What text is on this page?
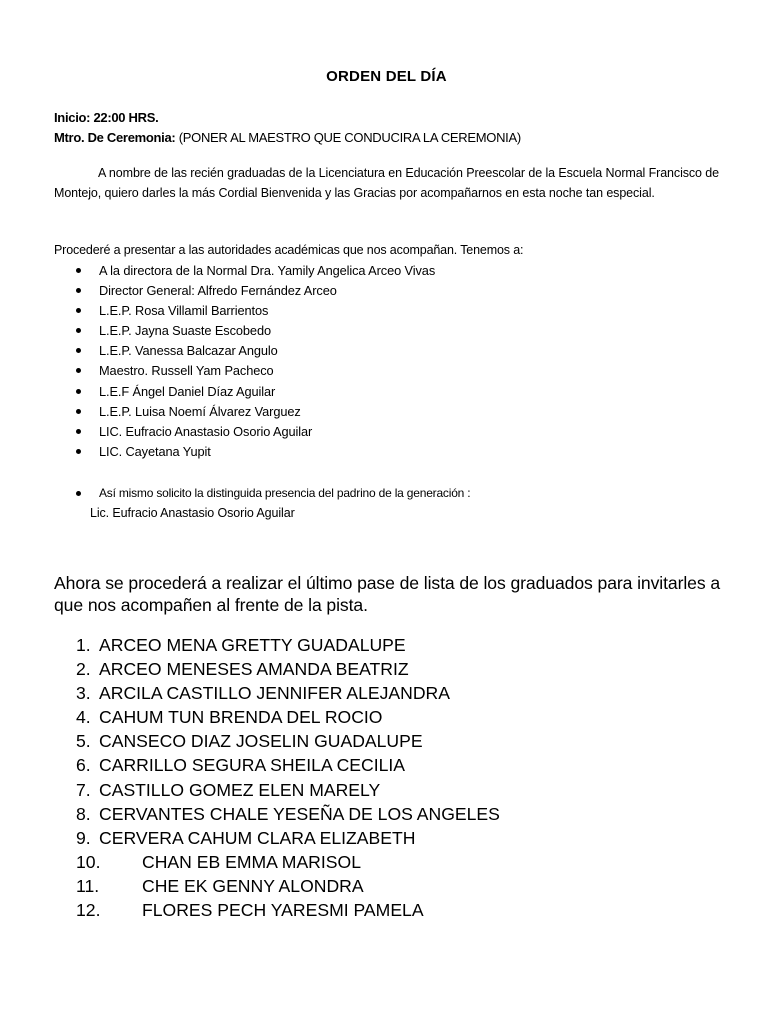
ORDEN DEL DÍA
Inicio: 22:00 HRS.
Mtro. De Ceremonia: (PONER AL MAESTRO QUE CONDUCIRA LA CEREMONIA)
A nombre de las recién graduadas de la Licenciatura en Educación Preescolar de la Escuela Normal Francisco de Montejo, quiero darles la más Cordial Bienvenida y las Gracias por acompañarnos en esta noche tan especial.
Procederé a presentar a las autoridades académicas que nos acompañan. Tenemos a:
A la directora de la Normal Dra. Yamily Angelica Arceo Vivas
Director General: Alfredo Fernández Arceo
L.E.P. Rosa Villamil Barrientos
L.E.P. Jayna Suaste Escobedo
L.E.P. Vanessa Balcazar Angulo
Maestro. Russell Yam Pacheco
L.E.F Ángel Daniel Díaz Aguilar
L.E.P. Luisa Noemí Álvarez Varguez
LIC. Eufracio Anastasio Osorio Aguilar
LIC. Cayetana Yupit
Así mismo solicito la distinguida presencia del padrino de la generación :
Lic. Eufracio Anastasio Osorio Aguilar
Ahora se procederá a realizar el último pase de lista de los graduados para invitarles a que nos acompañen al frente de la pista.
1. ARCEO MENA GRETTY GUADALUPE
2. ARCEO MENESES AMANDA BEATRIZ
3. ARCILA CASTILLO JENNIFER ALEJANDRA
4. CAHUM TUN BRENDA DEL ROCIO
5. CANSECO DIAZ JOSELIN GUADALUPE
6. CARRILLO SEGURA SHEILA CECILIA
7. CASTILLO GOMEZ ELEN MARELY
8. CERVANTES CHALE YESEÑA DE LOS ANGELES
9. CERVERA CAHUM CLARA ELIZABETH
10. CHAN EB EMMA MARISOL
11. CHE EK GENNY ALONDRA
12. FLORES PECH YARESMI PAMELA
